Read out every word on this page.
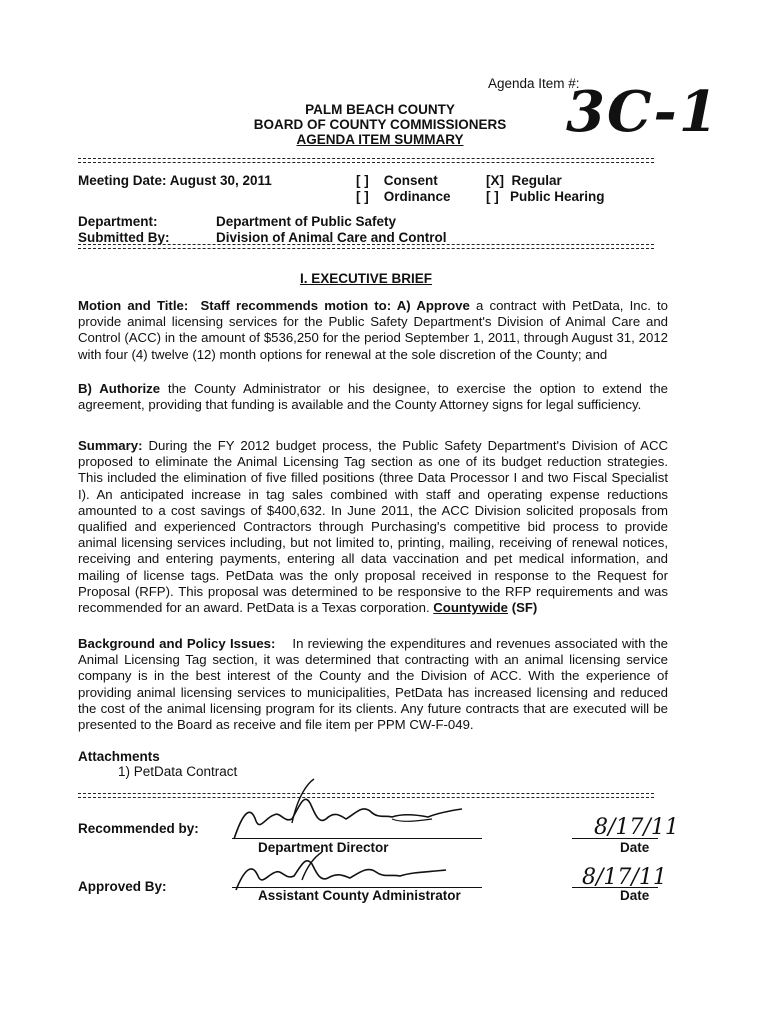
Agenda Item #:
3C-1
PALM BEACH COUNTY
BOARD OF COUNTY COMMISSIONERS
AGENDA ITEM SUMMARY
Meeting Date: August 30, 2011	[ ] Consent
[ ] Ordinance
[X] Regular
[ ] Public Hearing
Department:
Submitted By:
Department of Public Safety
Division of Animal Care and Control
I. EXECUTIVE BRIEF
Motion and Title: Staff recommends motion to: A) Approve a contract with PetData, Inc. to provide animal licensing services for the Public Safety Department's Division of Animal Care and Control (ACC) in the amount of $536,250 for the period September 1, 2011, through August 31, 2012 with four (4) twelve (12) month options for renewal at the sole discretion of the County; and
B) Authorize the County Administrator or his designee, to exercise the option to extend the agreement, providing that funding is available and the County Attorney signs for legal sufficiency.
Summary: During the FY 2012 budget process, the Public Safety Department's Division of ACC proposed to eliminate the Animal Licensing Tag section as one of its budget reduction strategies. This included the elimination of five filled positions (three Data Processor I and two Fiscal Specialist I). An anticipated increase in tag sales combined with staff and operating expense reductions amounted to a cost savings of $400,632. In June 2011, the ACC Division solicited proposals from qualified and experienced Contractors through Purchasing's competitive bid process to provide animal licensing services including, but not limited to, printing, mailing, receiving of renewal notices, receiving and entering payments, entering all data vaccination and pet medical information, and mailing of license tags. PetData was the only proposal received in response to the Request for Proposal (RFP). This proposal was determined to be responsive to the RFP requirements and was recommended for an award. PetData is a Texas corporation. Countywide (SF)
Background and Policy Issues: In reviewing the expenditures and revenues associated with the Animal Licensing Tag section, it was determined that contracting with an animal licensing service company is in the best interest of the County and the Division of ACC. With the experience of providing animal licensing services to municipalities, PetData has increased licensing and reduced the cost of the animal licensing program for its clients. Any future contracts that are executed will be presented to the Board as receive and file item per PPM CW-F-049.
Attachments
1) PetData Contract
Recommended by:
Department Director
8/17/11
Date
Approved By:
Assistant County Administrator
8/17/11
Date
